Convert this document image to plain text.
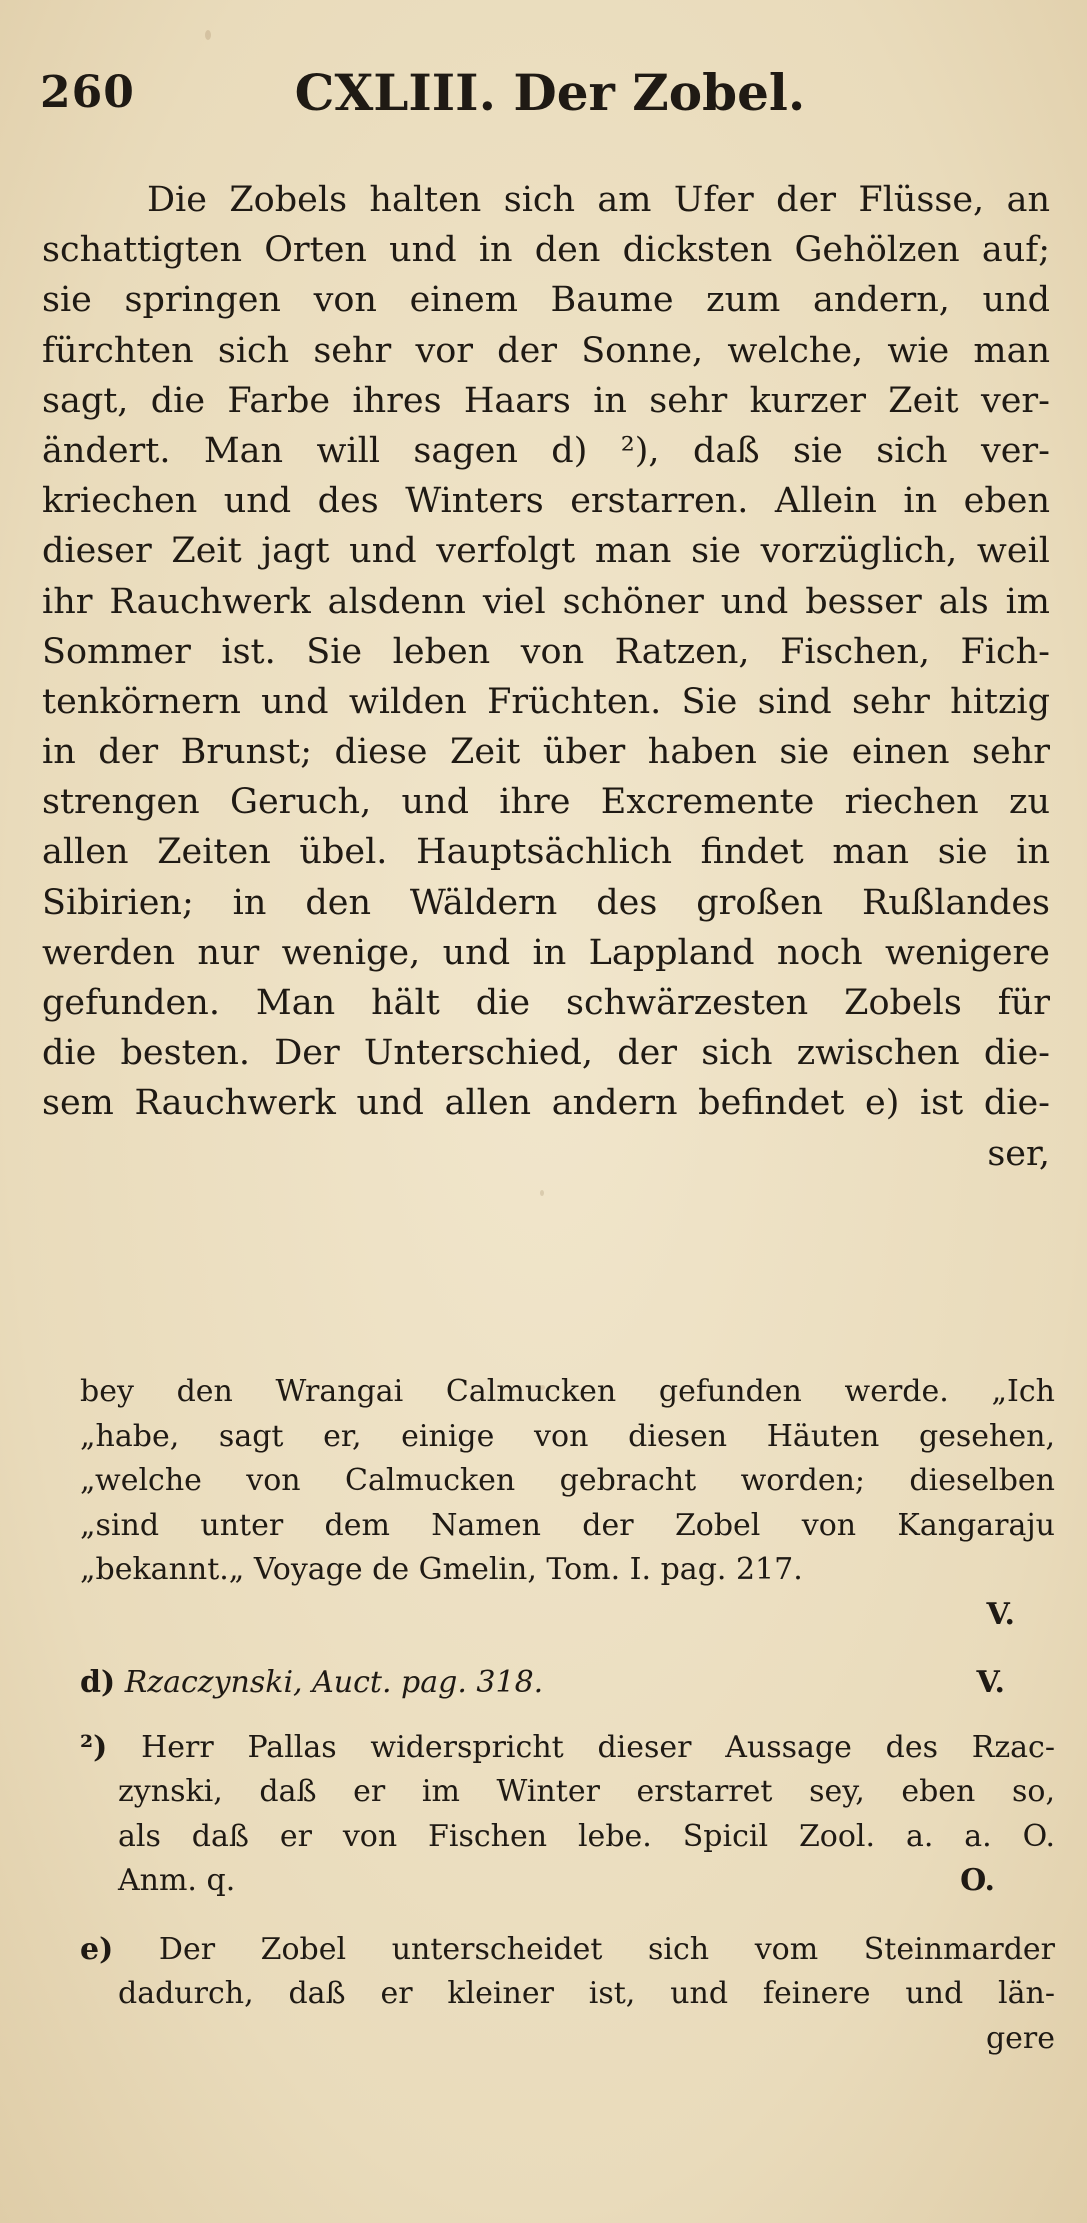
260	CXLIII. Der Zobel.
Die Zobels halten sich am Ufer der Flüsse, an
schattigten Orten und in den dicksten Gehölzen auf;
sie springen von einem Baume zum andern, und
fürchten sich sehr vor der Sonne, welche, wie man
sagt, die Farbe ihres Haars in sehr kurzer Zeit ver-
ändert. Man will sagen d) ²), daß sie sich ver-
kriechen und des Winters erstarren. Allein in eben
dieser Zeit jagt und verfolgt man sie vorzüglich, weil
ihr Rauchwerk alsdenn viel schöner und besser als im
Sommer ist. Sie leben von Ratzen, Fischen, Fich-
tenkörnern und wilden Früchten. Sie sind sehr hitzig
in der Brunst; diese Zeit über haben sie einen sehr
strengen Geruch, und ihre Excremente riechen zu
allen Zeiten übel. Hauptsächlich findet man sie in
Sibirien; in den Wäldern des großen Rußlandes
werden nur wenige, und in Lappland noch wenigere
gefunden. Man hält die schwärzesten Zobels für
die besten. Der Unterschied, der sich zwischen die-
sem Rauchwerk und allen andern befindet e) ist die-
ser,
bey den Wrangai Calmucken gefunden werde. „Ich
„habe, sagt er, einige von diesen Häuten gesehen,
„welche von Calmucken gebracht worden; dieselben
„sind unter dem Namen der Zobel von Kangaraju
„bekannt.„ Voyage de Gmelin, Tom. I. pag. 217.
V.
d) Rzaczynski, Auct. pag. 318.	V.
²) Herr Pallas widerspricht dieser Aussage des Rzac-
zynski, daß er im Winter erstarret sey, eben so,
als daß er von Fischen lebe. Spicil Zool. a. a. O.
Anm. q.	O.
e) Der Zobel unterscheidet sich vom Steinmarder
dadurch, daß er kleiner ist, und feinere und län-
gere
